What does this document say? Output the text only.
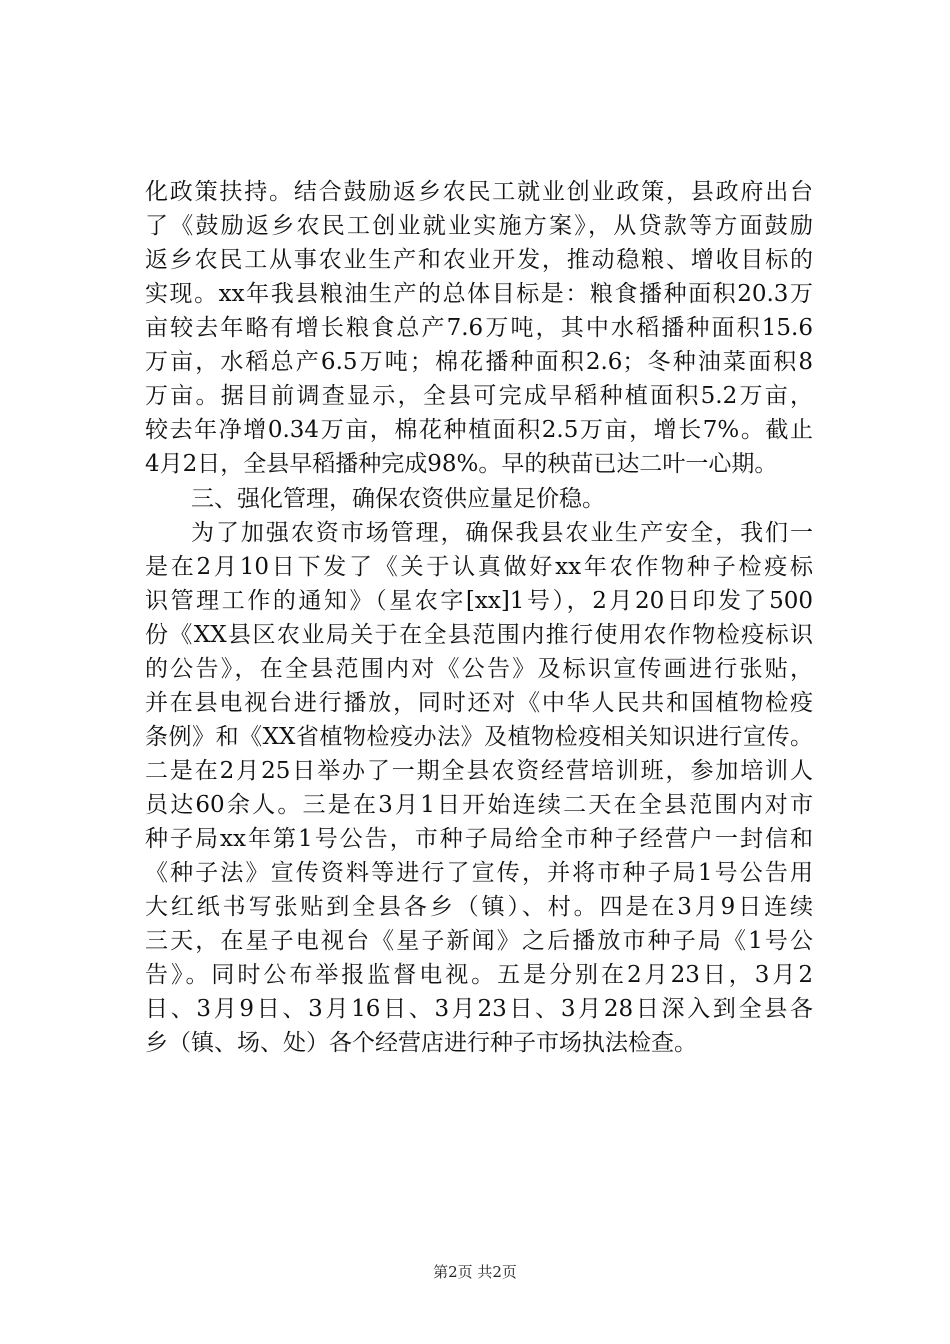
化政策扶持。结合鼓励返乡农民工就业创业政策，县政府出台
了《鼓励返乡农民工创业就业实施方案》，从贷款等方面鼓励
返乡农民工从事农业生产和农业开发，推动稳粮、增收目标的
实现。xx年我县粮油生产的总体目标是：粮食播种面积20.3万
亩较去年略有增长粮食总产7.6万吨，其中水稻播种面积15.6
万亩，水稻总产6.5万吨；棉花播种面积2.6；冬种油菜面积8
万亩。据目前调查显示，全县可完成早稻种植面积5.2万亩，
较去年净增0.34万亩，棉花种植面积2.5万亩，增长7%。截止
4月2日，全县早稻播种完成98%。早的秧苗已达二叶一心期。
三、强化管理，确保农资供应量足价稳。
为了加强农资市场管理，确保我县农业生产安全，我们一
是在2月10日下发了《关于认真做好xx年农作物种子检疫标
识管理工作的通知》（星农字[xx]1号），2月20日印发了500
份《XX县区农业局关于在全县范围内推行使用农作物检疫标识
的公告》，在全县范围内对《公告》及标识宣传画进行张贴，
并在县电视台进行播放，同时还对《中华人民共和国植物检疫
条例》和《XX省植物检疫办法》及植物检疫相关知识进行宣传。
二是在2月25日举办了一期全县农资经营培训班，参加培训人
员达60余人。三是在3月1日开始连续二天在全县范围内对市
种子局xx年第1号公告，市种子局给全市种子经营户一封信和
《种子法》宣传资料等进行了宣传，并将市种子局1号公告用
大红纸书写张贴到全县各乡（镇）、村。四是在3月9日连续
三天，在星子电视台《星子新闻》之后播放市种子局《1号公
告》。同时公布举报监督电视。五是分别在2月23日，3月2
日、3月9日、3月16日、3月23日、3月28日深入到全县各
乡（镇、场、处）各个经营店进行种子市场执法检查。
第2页 共2页
